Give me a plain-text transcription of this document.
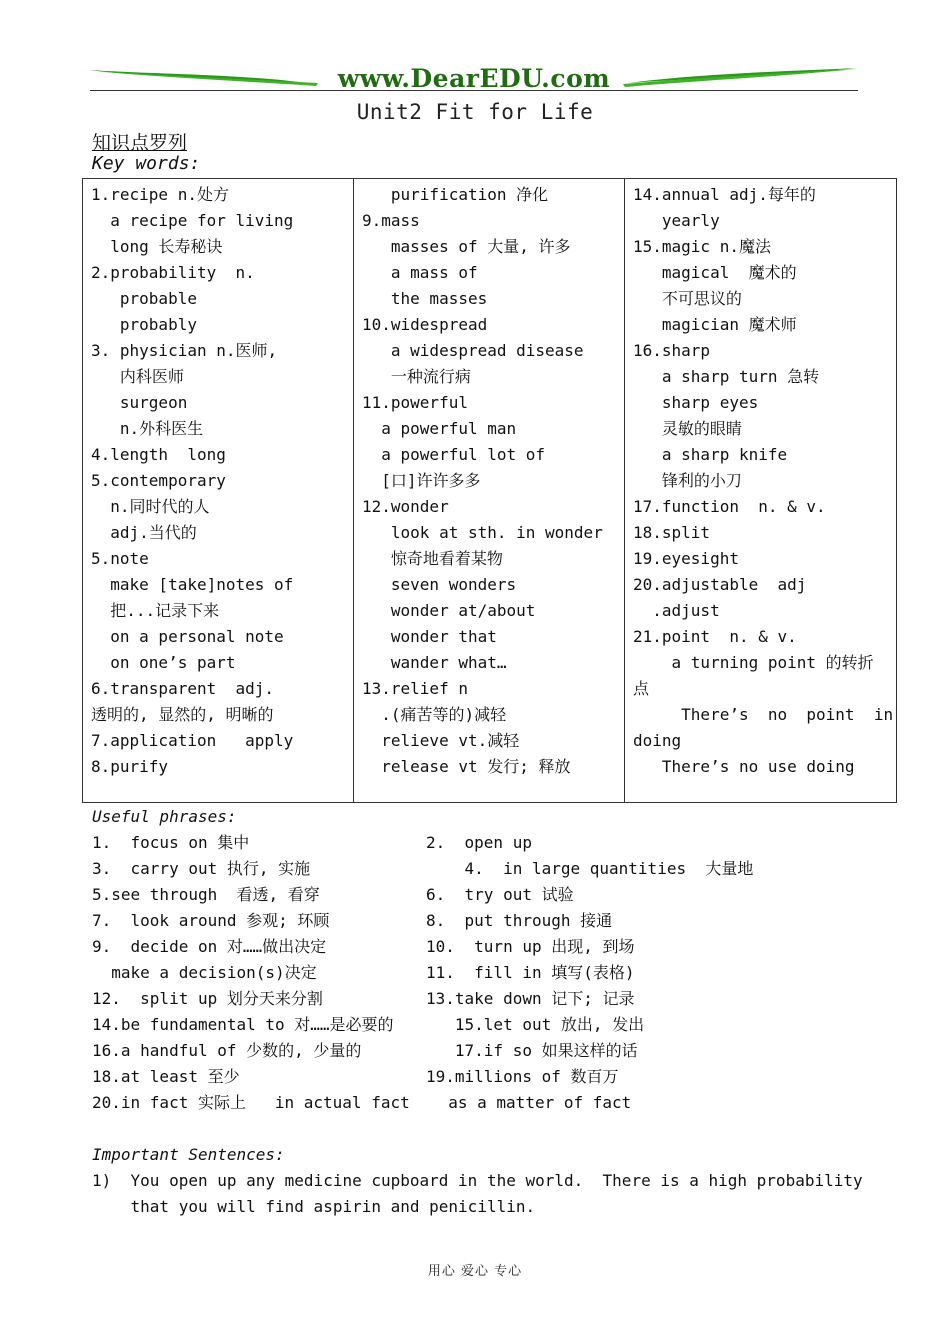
www.DearEDU.com
Unit2 Fit for Life
知识点罗列
Key words:
1.recipe n.处方
a recipe for living
long 长寿秘诀
2.probability  n.
probable
probably
3. physician n.医师,
内科医师
surgeon
n.外科医生
4.length  long
5.contemporary
n.同时代的人
adj.当代的
5.note
make [take]notes of
把...记录下来
on a personal note
on one’s part
6.transparent  adj.
透明的, 显然的, 明晰的
7.application   apply
8.purify

purification 净化
9.mass
masses of 大量, 许多
a mass of
the masses
10.widespread
a widespread disease
一种流行病
11.powerful
a powerful man
a powerful lot of
[口]许许多多
12.wonder
look at sth. in wonder
惊奇地看着某物
seven wonders
wonder at/about
wonder that
wander what…
13.relief n
.(痛苦等的)减轻
relieve vt.减轻
release vt 发行; 释放

14.annual adj.每年的
yearly
15.magic n.魔法
magical  魔术的
不可思议的
magician 魔术师
16.sharp
a sharp turn 急转
sharp eyes
灵敏的眼睛
a sharp knife
锋利的小刀
17.function  n. & v.
18.split
19.eyesight
20.adjustable  adj
.adjust
21.point  n. & v.
a turning point 的转折
点
There’s  no  point  in
doing
There’s no use doing
Useful phrases:
1.  focus on 集中	2.  open up
3.  carry out 执行, 实施	4.  in large quantities  大量地
5.see through  看透, 看穿	6.  try out 试验
7.  look around 参观; 环顾	8.  put through 接通
9.  decide on 对……做出决定	10.  turn up 出现, 到场
make a decision(s)决定	11.  fill in 填写(表格)
12.  split up 划分天来分割	13.take down 记下; 记录
14.be fundamental to 对……是必要的 15.let out 放出, 发出
16.a handful of 少数的, 少量的	17.if so 如果这样的话
18.at least 至少	19.millions of 数百万
20.in fact 实际上   in actual fact    as a matter of fact
Important Sentences:
1)  You open up any medicine cupboard in the world.  There is a high probability
that you will find aspirin and penicillin.
用心 爱心 专心
